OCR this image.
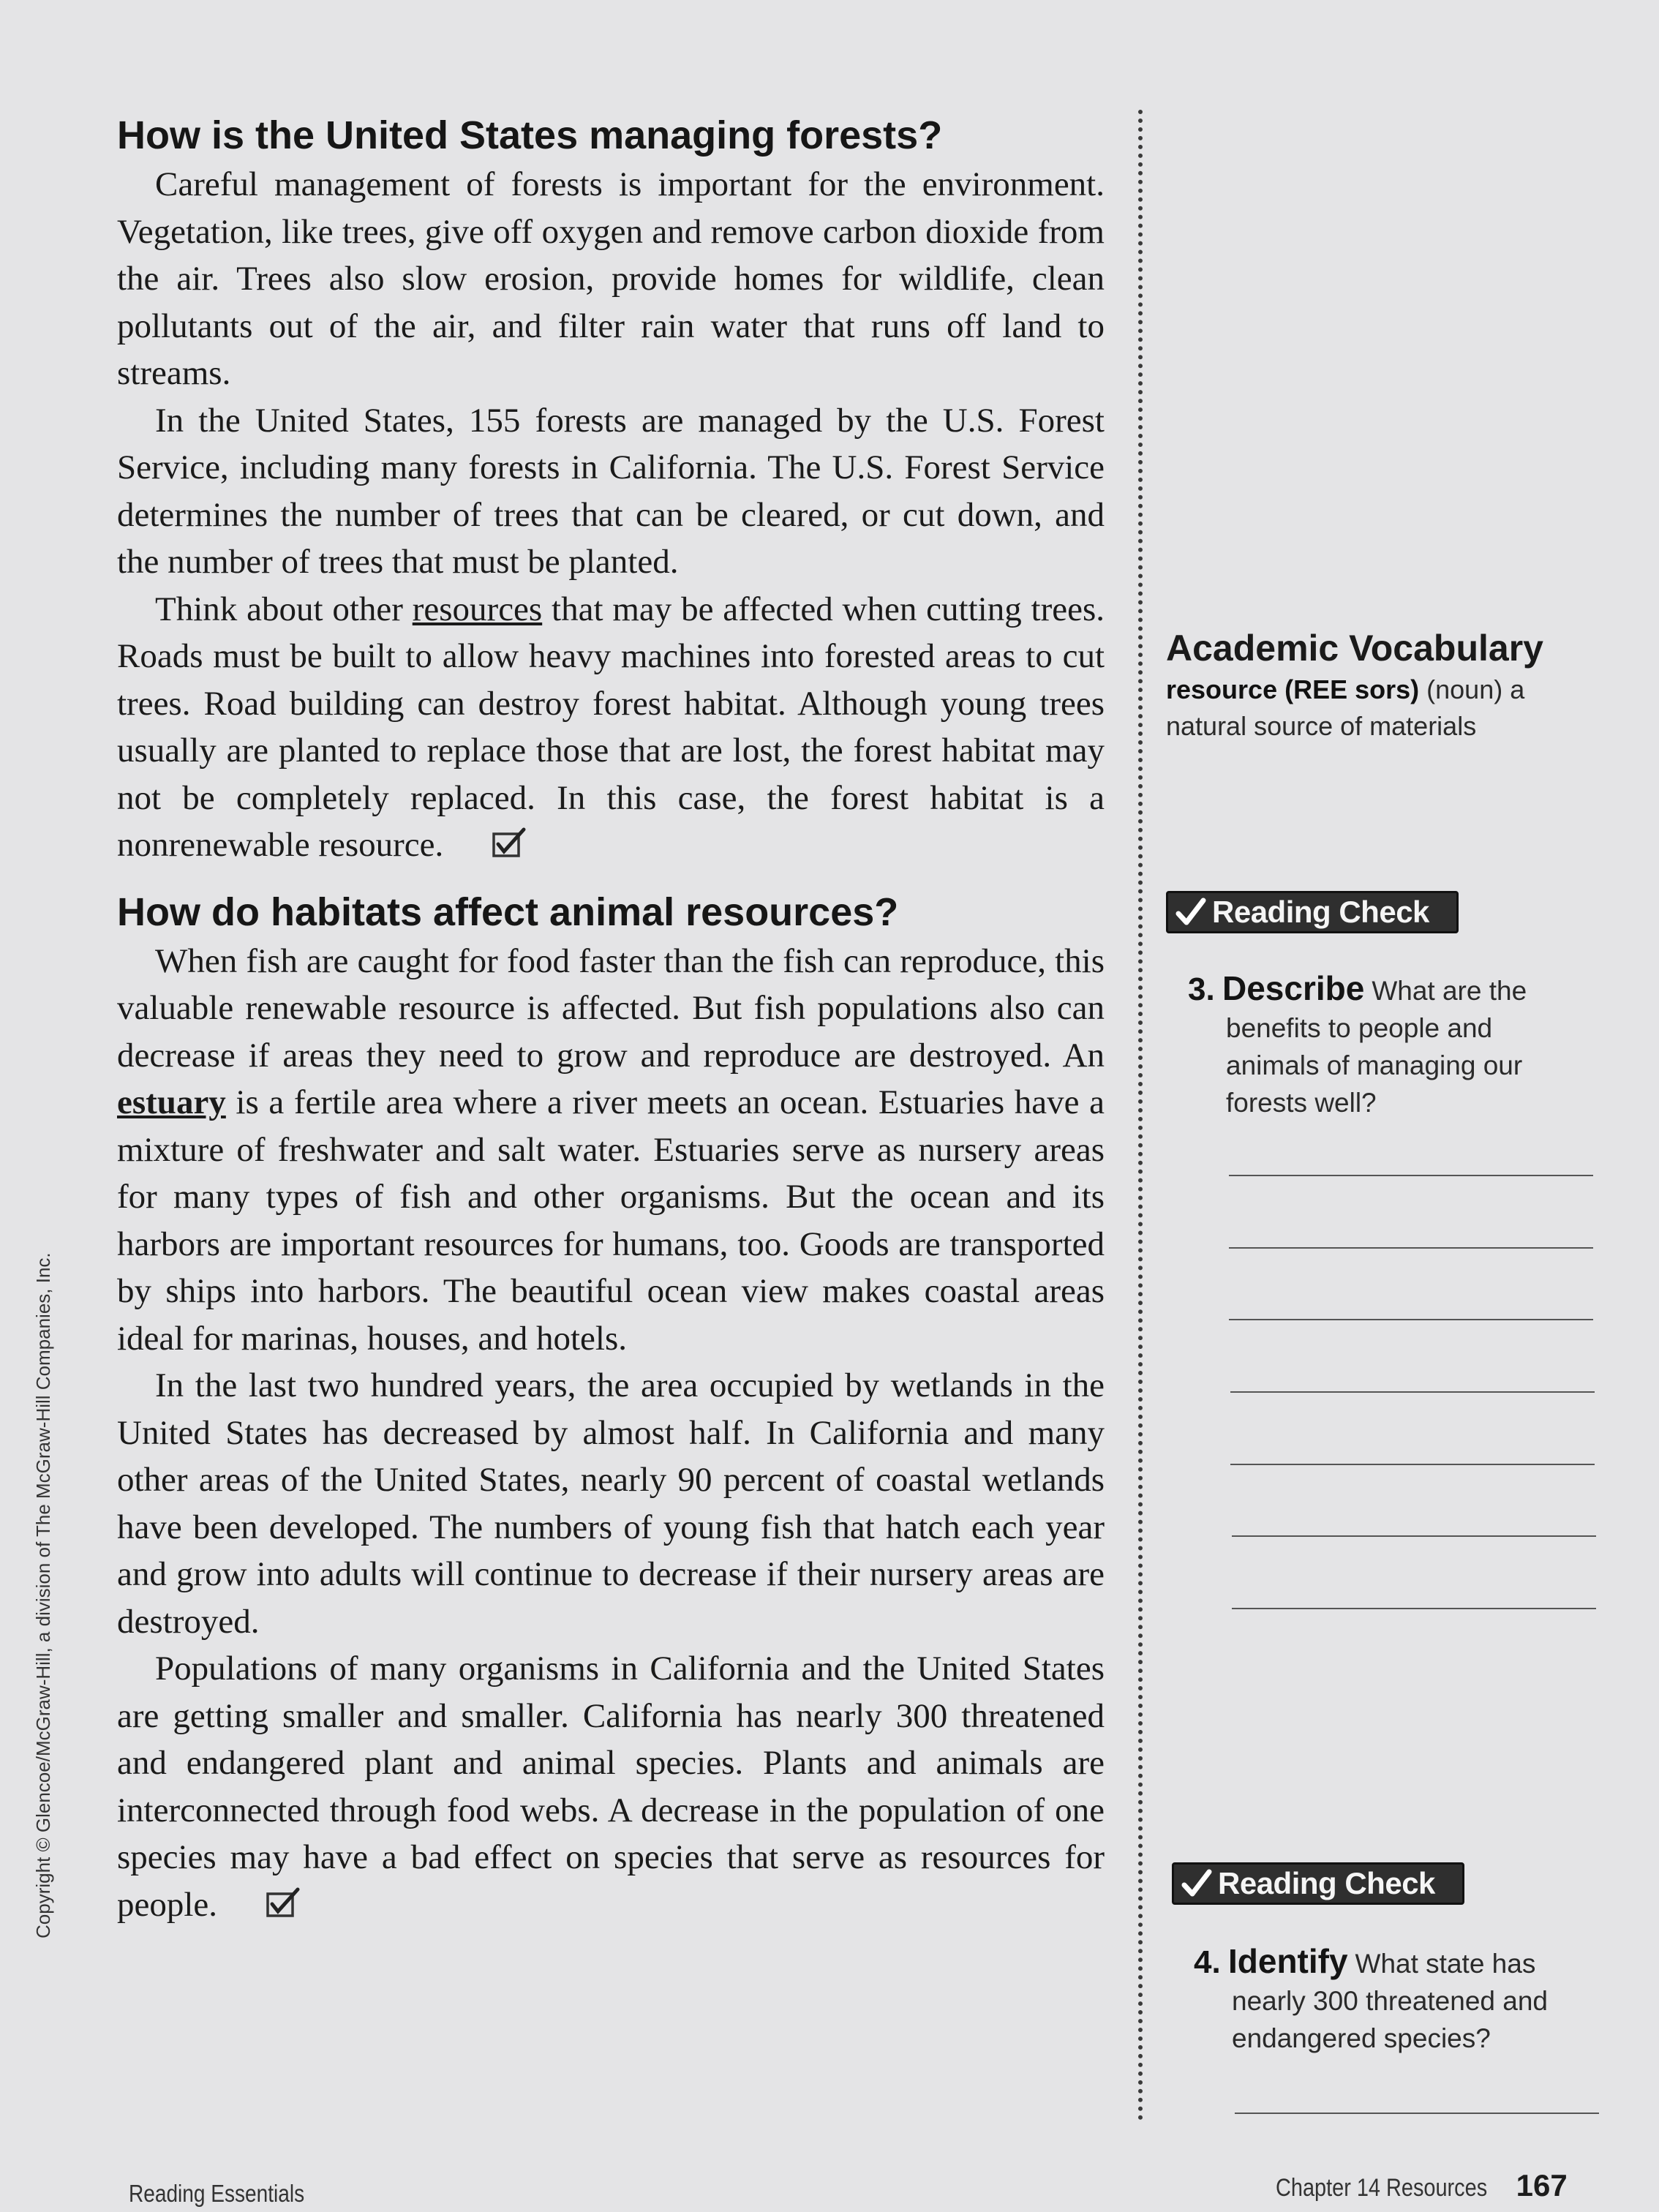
How is the United States managing forests?

Careful management of forests is important for the environment. Vegetation, like trees, give off oxygen and remove carbon dioxide from the air. Trees also slow erosion, provide homes for wildlife, clean pollutants out of the air, and filter rain water that runs off land to streams.

In the United States, 155 forests are managed by the U.S. Forest Service, including many forests in California. The U.S. Forest Service determines the number of trees that can be cleared, or cut down, and the number of trees that must be planted.

Think about other resources that may be affected when cutting trees. Roads must be built to allow heavy machines into forested areas to cut trees. Road building can destroy forest habitat. Although young trees usually are planted to replace those that are lost, the forest habitat may not be completely replaced. In this case, the forest habitat is a nonrenewable resource.

How do habitats affect animal resources?

When fish are caught for food faster than the fish can reproduce, this valuable renewable resource is affected. But fish populations also can decrease if areas they need to grow and reproduce are destroyed. An estuary is a fertile area where a river meets an ocean. Estuaries have a mixture of freshwater and salt water. Estuaries serve as nursery areas for many types of fish and other organisms. But the ocean and its harbors are important resources for humans, too. Goods are transported by ships into harbors. The beautiful ocean view makes coastal areas ideal for marinas, houses, and hotels.

In the last two hundred years, the area occupied by wetlands in the United States has decreased by almost half. In California and many other areas of the United States, nearly 90 percent of coastal wetlands have been developed. The numbers of young fish that hatch each year and grow into adults will continue to decrease if their nursery areas are destroyed.

Populations of many organisms in California and the United States are getting smaller and smaller. California has nearly 300 threatened and endangered plant and animal species. Plants and animals are interconnected through food webs. A decrease in the population of one species may have a bad effect on species that serve as resources for people.

Academic Vocabulary

resource (REE sors) (noun) a
natural source of materials

Reading Check

3. Describe What are the

benefits to people and

animals of managing our

forests well?

Reading Check

4. Identify What state has

nearly 300 threatened and

endangered species?

Copyright © Glencoe/McGraw-Hill, a division of The McGraw-Hill Companies, Inc.
Reading Essentials	Chapter 14 Resources 167
